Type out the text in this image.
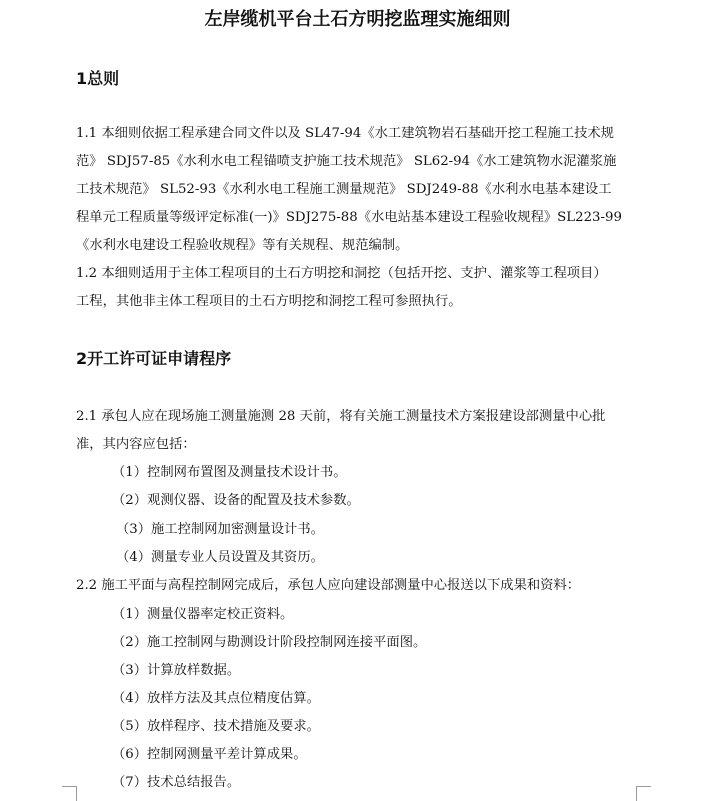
左岸缆机平台土石方明挖监理实施细则
1总则
1.1 本细则依据工程承建合同文件以及 SL47-94《水工建筑物岩石基础开挖工程施工技术规
范》 SDJ57-85《水利水电工程锚喷支护施工技术规范》 SL62-94《水工建筑物水泥灌浆施
工技术规范》 SL52-93《水利水电工程施工测量规范》 SDJ249-88《水利水电基本建设工
程单元工程质量等级评定标准(一)》SDJ275-88《水电站基本建设工程验收规程》SL223-99
《水利水电建设工程验收规程》等有关规程、规范编制。
1.2 本细则适用于主体工程项目的土石方明挖和洞挖（包括开挖、支护、灌浆等工程项目）
工程，其他非主体工程项目的土石方明挖和洞挖工程可参照执行。
2开工许可证申请程序
2.1 承包人应在现场施工测量施测 28 天前，将有关施工测量技术方案报建设部测量中心批
准，其内容应包括：
（1）控制网布置图及测量技术设计书。
（2）观测仪器、设备的配置及技术参数。
（3）施工控制网加密测量设计书。
（4）测量专业人员设置及其资历。
2.2 施工平面与高程控制网完成后，承包人应向建设部测量中心报送以下成果和资料：
（1）测量仪器率定校正资料。
（2）施工控制网与勘测设计阶段控制网连接平面图。
（3）计算放样数据。
（4）放样方法及其点位精度估算。
（5）放样程序、技术措施及要求。
（6）控制网测量平差计算成果。
（7）技术总结报告。
